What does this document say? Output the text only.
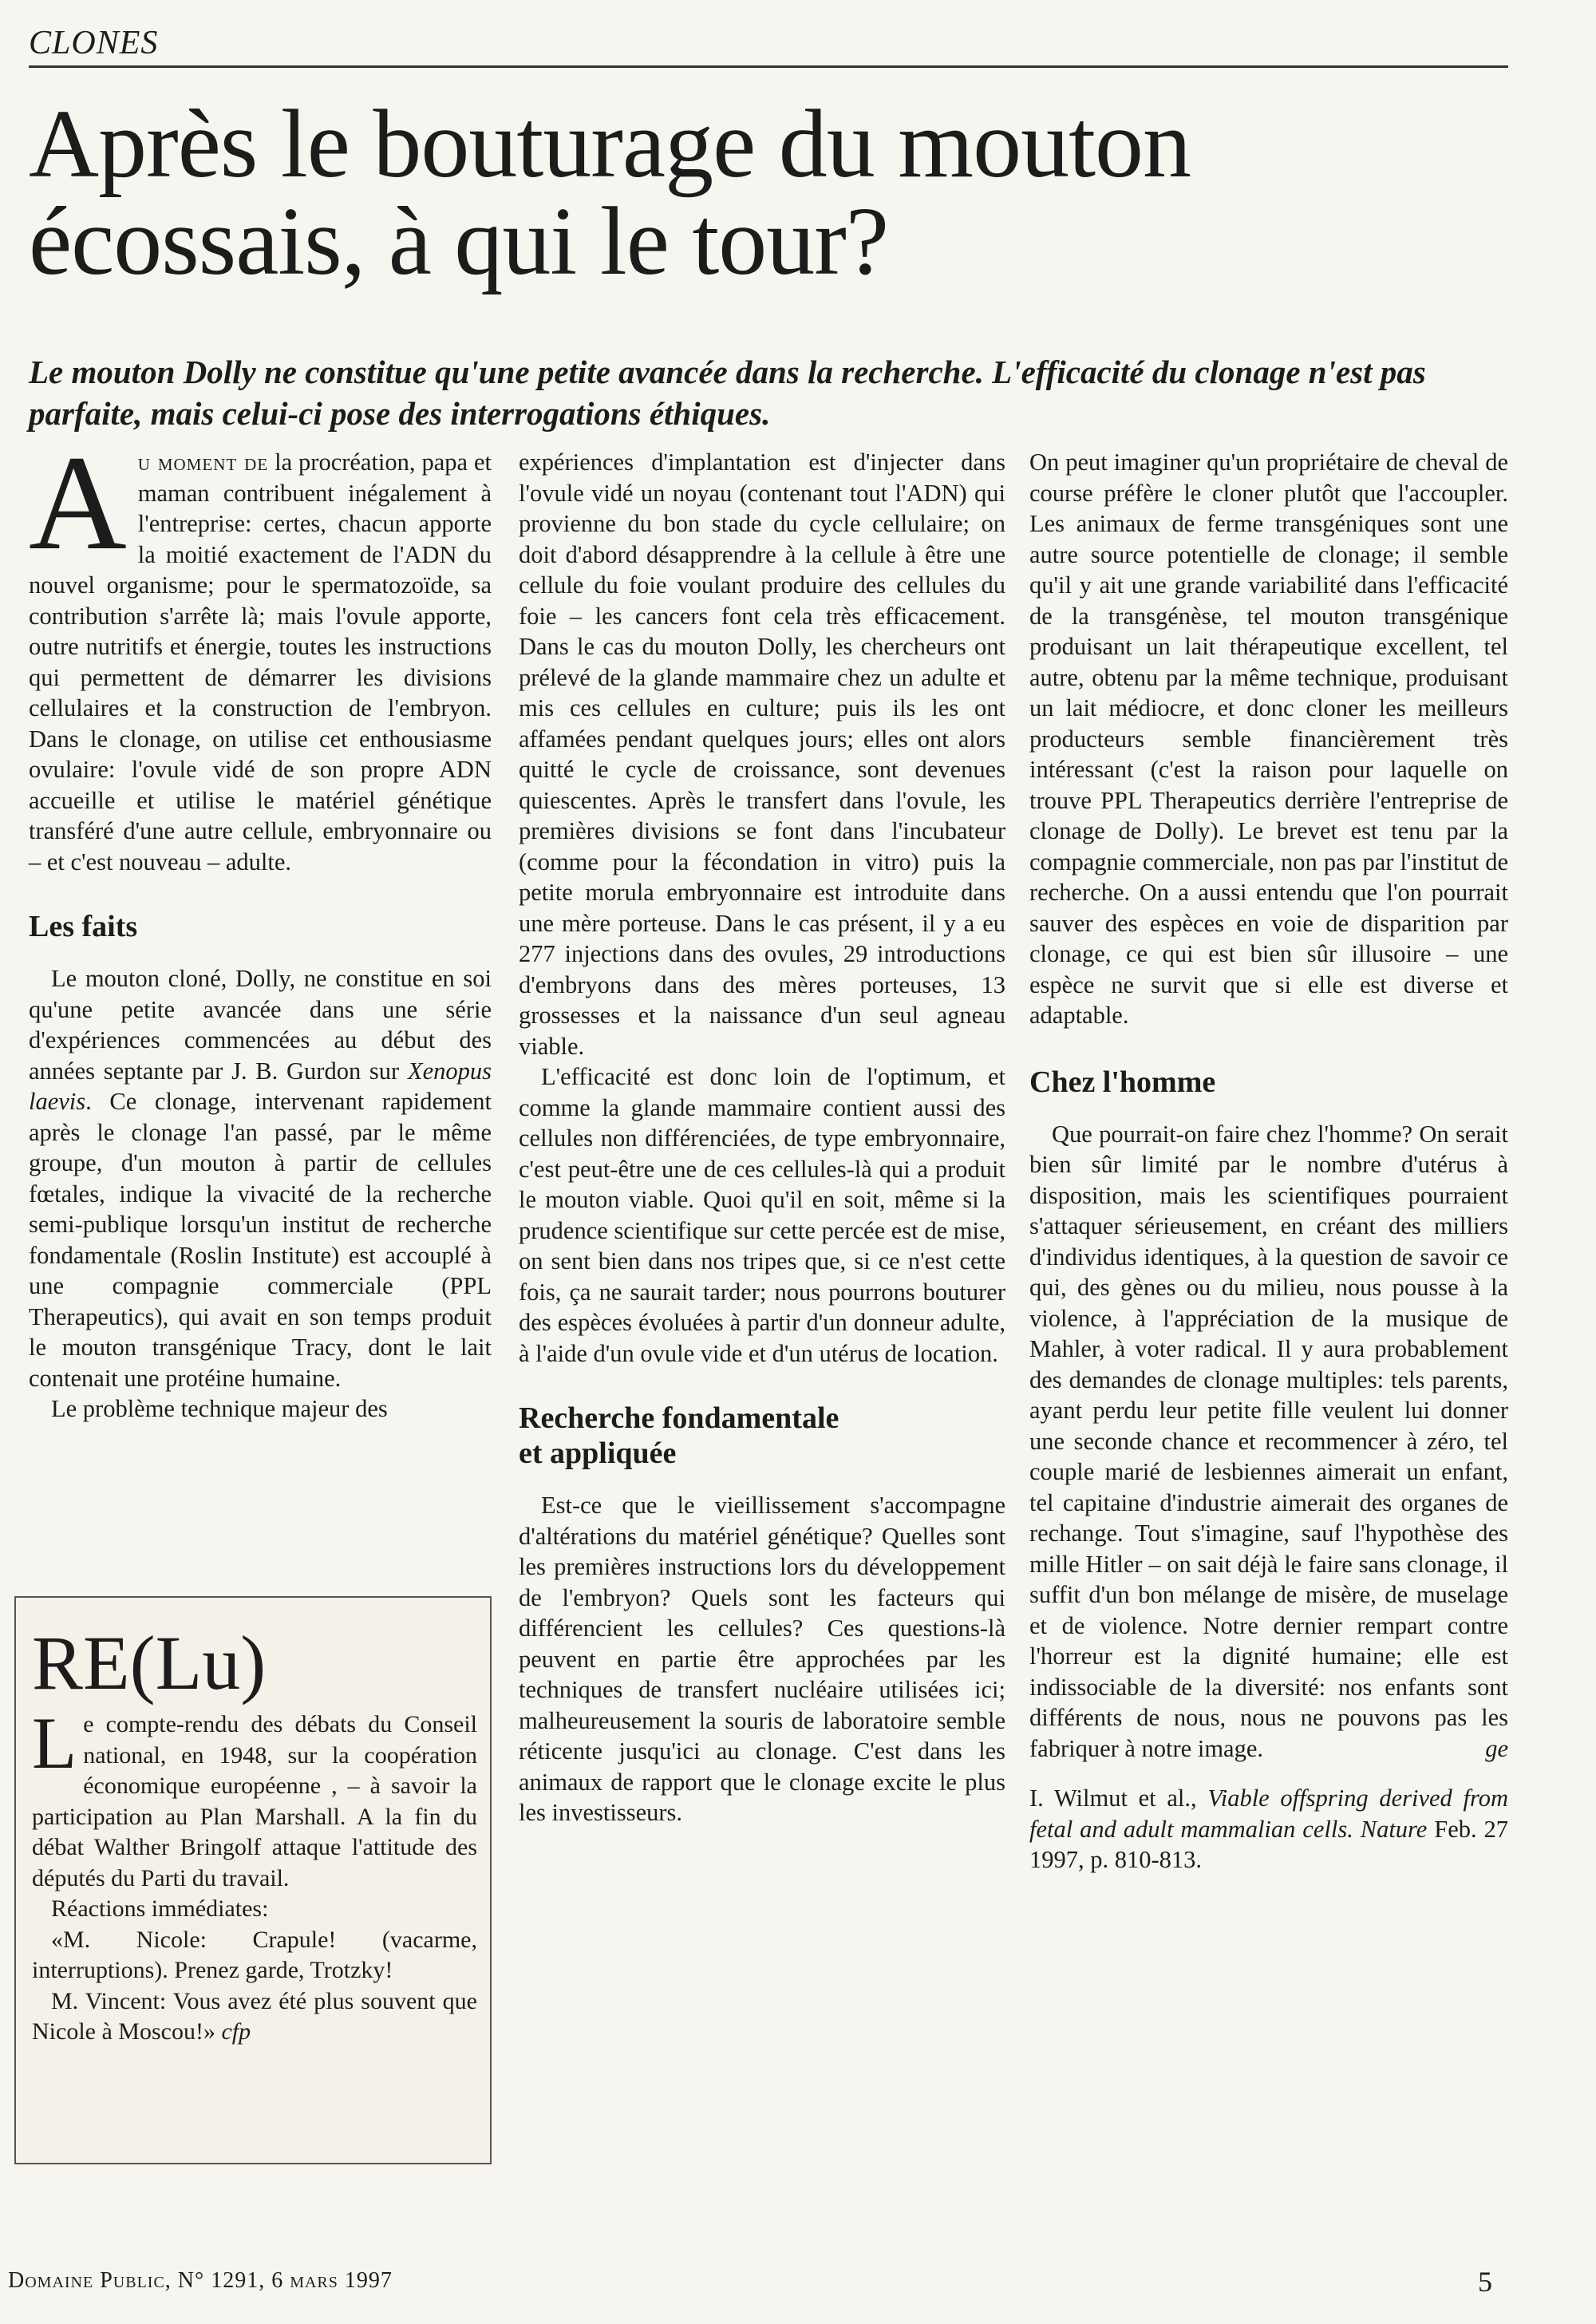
CLONES
Après le bouturage du mouton écossais, à qui le tour?

Le mouton Dolly ne constitue qu'une petite avancée dans la recherche. L'efficacité du clonage n'est pas parfaite, mais celui-ci pose des interrogations éthiques.

Au moment de la procréation, papa et maman contribuent inégalement à l'entreprise: certes, chacun apporte la moitié exactement de l'ADN du nouvel organisme; pour le spermatozoïde, sa contribution s'arrête là; mais l'ovule apporte, outre nutritifs et énergie, toutes les instructions qui permettent de démarrer les divisions cellulaires et la construction de l'embryon. Dans le clonage, on utilise cet enthousiasme ovulaire: l'ovule vidé de son propre ADN accueille et utilise le matériel génétique transféré d'une autre cellule, embryonnaire ou – et c'est nouveau – adulte.

Les faits

Le mouton cloné, Dolly, ne constitue en soi qu'une petite avancée dans une série d'expériences commencées au début des années septante par J. B. Gurdon sur Xenopus laevis. Ce clonage, intervenant rapidement après le clonage l'an passé, par le même groupe, d'un mouton à partir de cellules fœtales, indique la vivacité de la recherche semi-publique lorsqu'un institut de recherche fondamentale (Roslin Institute) est accouplé à une compagnie commerciale (PPL Therapeutics), qui avait en son temps produit le mouton transgénique Tracy, dont le lait contenait une protéine humaine.

Le problème technique majeur des

RE(Lu)

Le compte-rendu des débats du Conseil national, en 1948, sur la coopération économique européenne , – à savoir la participation au Plan Marshall. A la fin du débat Walther Bringolf attaque l'attitude des députés du Parti du travail.

Réactions immédiates:

«M. Nicole: Crapule! (vacarme, interruptions). Prenez garde, Trotzky!

M. Vincent: Vous avez été plus souvent que Nicole à Moscou!» cfp

expériences d'implantation est d'injecter dans l'ovule vidé un noyau (contenant tout l'ADN) qui provienne du bon stade du cycle cellulaire; on doit d'abord désapprendre à la cellule à être une cellule du foie voulant produire des cellules du foie – les cancers font cela très efficacement. Dans le cas du mouton Dolly, les chercheurs ont prélevé de la glande mammaire chez un adulte et mis ces cellules en culture; puis ils les ont affamées pendant quelques jours; elles ont alors quitté le cycle de croissance, sont devenues quiescentes. Après le transfert dans l'ovule, les premières divisions se font dans l'incubateur (comme pour la fécondation in vitro) puis la petite morula embryonnaire est introduite dans une mère porteuse. Dans le cas présent, il y a eu 277 injections dans des ovules, 29 introductions d'embryons dans des mères porteuses, 13 grossesses et la naissance d'un seul agneau viable.

L'efficacité est donc loin de l'optimum, et comme la glande mammaire contient aussi des cellules non différenciées, de type embryonnaire, c'est peut-être une de ces cellules-là qui a produit le mouton viable. Quoi qu'il en soit, même si la prudence scientifique sur cette percée est de mise, on sent bien dans nos tripes que, si ce n'est cette fois, ça ne saurait tarder; nous pourrons bouturer des espèces évoluées à partir d'un donneur adulte, à l'aide d'un ovule vide et d'un utérus de location.

Recherche fondamentale
et appliquée

Est-ce que le vieillissement s'accompagne d'altérations du matériel génétique? Quelles sont les premières instructions lors du développement de l'embryon? Quels sont les facteurs qui différencient les cellules? Ces questions-là peuvent en partie être approchées par les techniques de transfert nucléaire utilisées ici; malheureusement la souris de laboratoire semble réticente jusqu'ici au clonage. C'est dans les animaux de rapport que le clonage excite le plus les investisseurs.

On peut imaginer qu'un propriétaire de cheval de course préfère le cloner plutôt que l'accoupler. Les animaux de ferme transgéniques sont une autre source potentielle de clonage; il semble qu'il y ait une grande variabilité dans l'efficacité de la transgénèse, tel mouton transgénique produisant un lait thérapeutique excellent, tel autre, obtenu par la même technique, produisant un lait médiocre, et donc cloner les meilleurs producteurs semble financièrement très intéressant (c'est la raison pour laquelle on trouve PPL Therapeutics derrière l'entreprise de clonage de Dolly). Le brevet est tenu par la compagnie commerciale, non pas par l'institut de recherche. On a aussi entendu que l'on pourrait sauver des espèces en voie de disparition par clonage, ce qui est bien sûr illusoire – une espèce ne survit que si elle est diverse et adaptable.

Chez l'homme

Que pourrait-on faire chez l'homme? On serait bien sûr limité par le nombre d'utérus à disposition, mais les scientifiques pourraient s'attaquer sérieusement, en créant des milliers d'individus identiques, à la question de savoir ce qui, des gènes ou du milieu, nous pousse à la violence, à l'appréciation de la musique de Mahler, à voter radical. Il y aura probablement des demandes de clonage multiples: tels parents, ayant perdu leur petite fille veulent lui donner une seconde chance et recommencer à zéro, tel couple marié de lesbiennes aimerait un enfant, tel capitaine d'industrie aimerait des organes de rechange. Tout s'imagine, sauf l'hypothèse des mille Hitler – on sait déjà le faire sans clonage, il suffit d'un bon mélange de misère, de muselage et de violence. Notre dernier rempart contre l'horreur est la dignité humaine; elle est indissociable de la diversité: nos enfants sont différents de nous, nous ne pouvons pas les fabriquer à notre image.	ge

I. Wilmut et al., Viable offspring derived from fetal and adult mammalian cells. Nature Feb. 27 1997, p. 810-813.

Domaine Public, N° 1291, 6 mars 1997	5
